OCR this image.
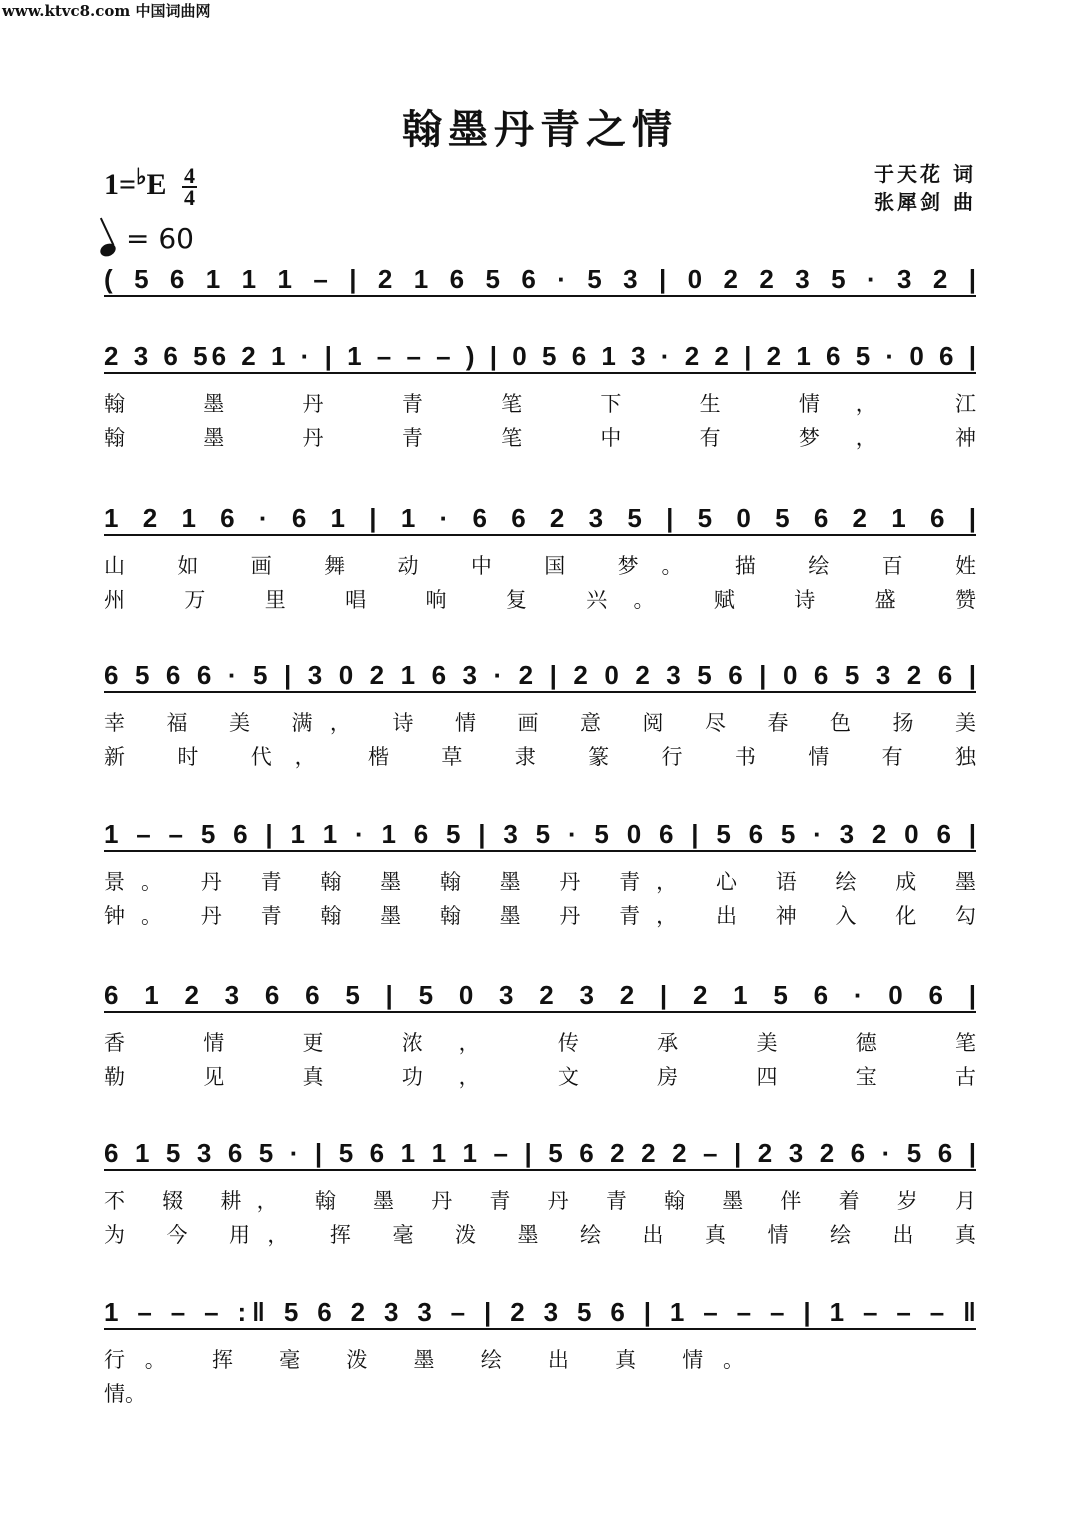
www.ktvc8.com 中国词曲网
翰墨丹青之情
$1=^♭E \frac{4}{4}$	于天花 词
张犀剑 曲
= 60
( 5 6 1 1 1 – | 2 1 6 5 6 · 5 3 | 0 2 2 3 5 · 3 2 |
2 3 6 56 2 1 · | 1 – – – ) | 0 5 6 1 3 · 2 2 | 2 1 6 5 · 0 6 |
翰 墨 丹 青 笔 下 生 情， 江
翰 墨 丹 青 笔 中 有 梦， 神
1 2 1 6 · 6 1 | 1 · 6 6 2 3 5 | 5 0 5 6 2 1 6 |
山 如 画 舞 动 中 国 梦。 描 绘 百 姓
州 万 里 唱 响 复 兴。 赋 诗 盛 赞
6 5 6 6 · 5 | 3 0 2 1 6 3 · 2 | 2 0 2 3 5 6 | 0 6 5 3 2 6 |
幸 福 美 满， 诗 情 画 意 阅 尽 春 色 扬 美
新 时 代， 楷 草 隶 篆 行 书 情 有 独
1 – – 5 6 | 1 1 · 1 6 5 | 3 5 · 5 0 6 | 5 6 5 · 3 2 0 6 |
景。 丹 青 翰 墨 翰 墨 丹 青， 心 语 绘 成 墨
钟。 丹 青 翰 墨 翰 墨 丹 青， 出 神 入 化 勾
6 1 2 3 6 6 5 | 5 0 3 2 3 2 | 2 1 5 6 · 0 6 |
香 情 更 浓， 传 承 美 德 笔
勒 见 真 功， 文 房 四 宝 古
6 1 5 3 6 5 · | 5 6 1 1 1 – | 5 6 2 2 2 – | 2 3 2 6 · 5 6 |
不 辍 耕， 翰 墨 丹 青 丹 青 翰 墨 伴 着 岁 月
为 今 用， 挥 毫 泼 墨 绘 出 真 情 绘 出 真
1 – – – :‖ 5 6 2 3 3 – | 2 3 5 6 | 1 – – – | 1 – – – ‖
行。 挥 毫 泼 墨 绘 出 真 情。
情。
